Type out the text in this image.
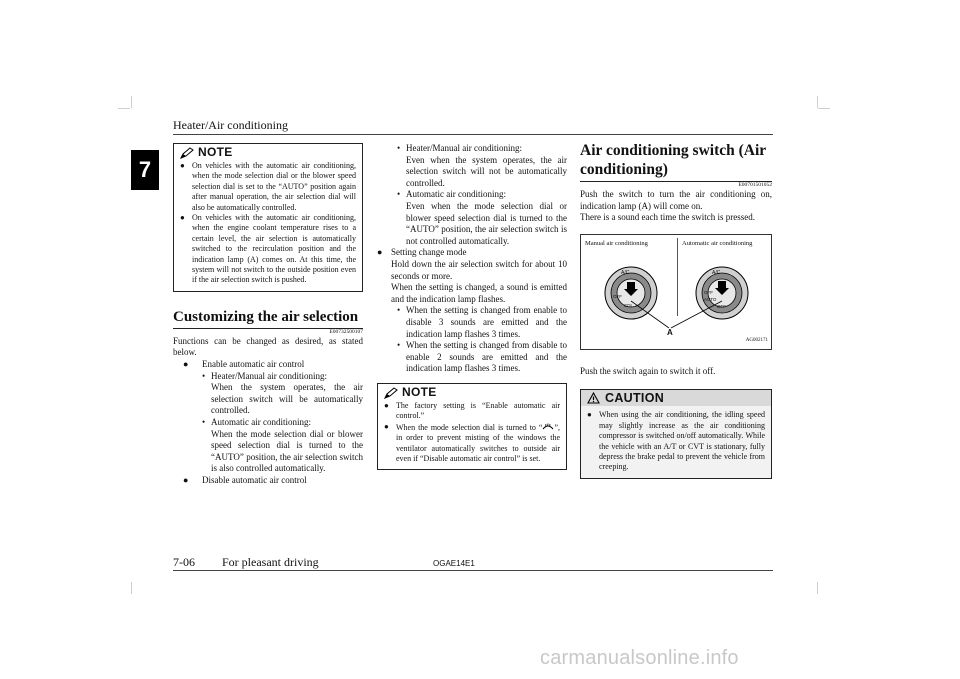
Heater/Air conditioning
7
NOTE
● On vehicles with the automatic air conditioning, when the mode selection dial or the blower speed selection dial is set to the “AUTO” position again after manual operation, the air selection dial will also be automatically controlled.
● On vehicles with the automatic air conditioning, when the engine coolant temperature rises to a certain level, the air selection is automatically switched to the recirculation position and the indication lamp (A) comes on. At this time, the system will not switch to the outside position even if the air selection switch is pushed.
Customizing the air selection
E00732500107

Functions can be changed as desired, as stated below.

●	Enable automatic air control
• Heater/Manual air conditioning:

When the system operates, the air selection switch will be automatically controlled.

• Automatic air conditioning:

When the mode selection dial or blower speed selection dial is turned to the “AUTO” position, the air selection switch is also controlled automatically.

●	Disable automatic air control
• Heater/Manual air conditioning:

Even when the system operates, the air selection switch will not be automatically controlled.

• Automatic air conditioning:

Even when the mode selection dial or blower speed selection dial is turned to the “AUTO” position, the air selection switch is not controlled automatically.

● Setting change mode

Hold down the air selection switch for about 10 seconds or more.

When the setting is changed, a sound is emitted and the indication lamp flashes.

• When the setting is changed from enable to disable 3 sounds are emitted and the indication lamp flashes 3 times.
• When the setting is changed from disable to enable 2 sounds are emitted and the indication lamp flashes 3 times.
NOTE
● The factory setting is “Enable automatic air control.”
● When the mode selection dial is turned to “ ”, in order to prevent misting of the windows the ventilator automatically switches to outside air even if “Disable automatic air control” is set.
Air conditioning switch (Air conditioning)
E00701501052

Push the switch to turn the air conditioning on, indication lamp (A) will come on.

There is a sound each time the switch is pressed.

Manual air conditioning	Automatic air conditioning
A/C
OFF
CDL
A/C
OFF
AUTO
OFF
A
AG002171

Push the switch again to switch it off.

CAUTION
● When using the air conditioning, the idling speed may slightly increase as the air conditioning compressor is switched on/off automatically. While the vehicle with an A/T or CVT is stationary, fully depress the brake pedal to prevent the vehicle from creeping.
7-06 For pleasant driving	OGAE14E1
carmanualsonline.info
